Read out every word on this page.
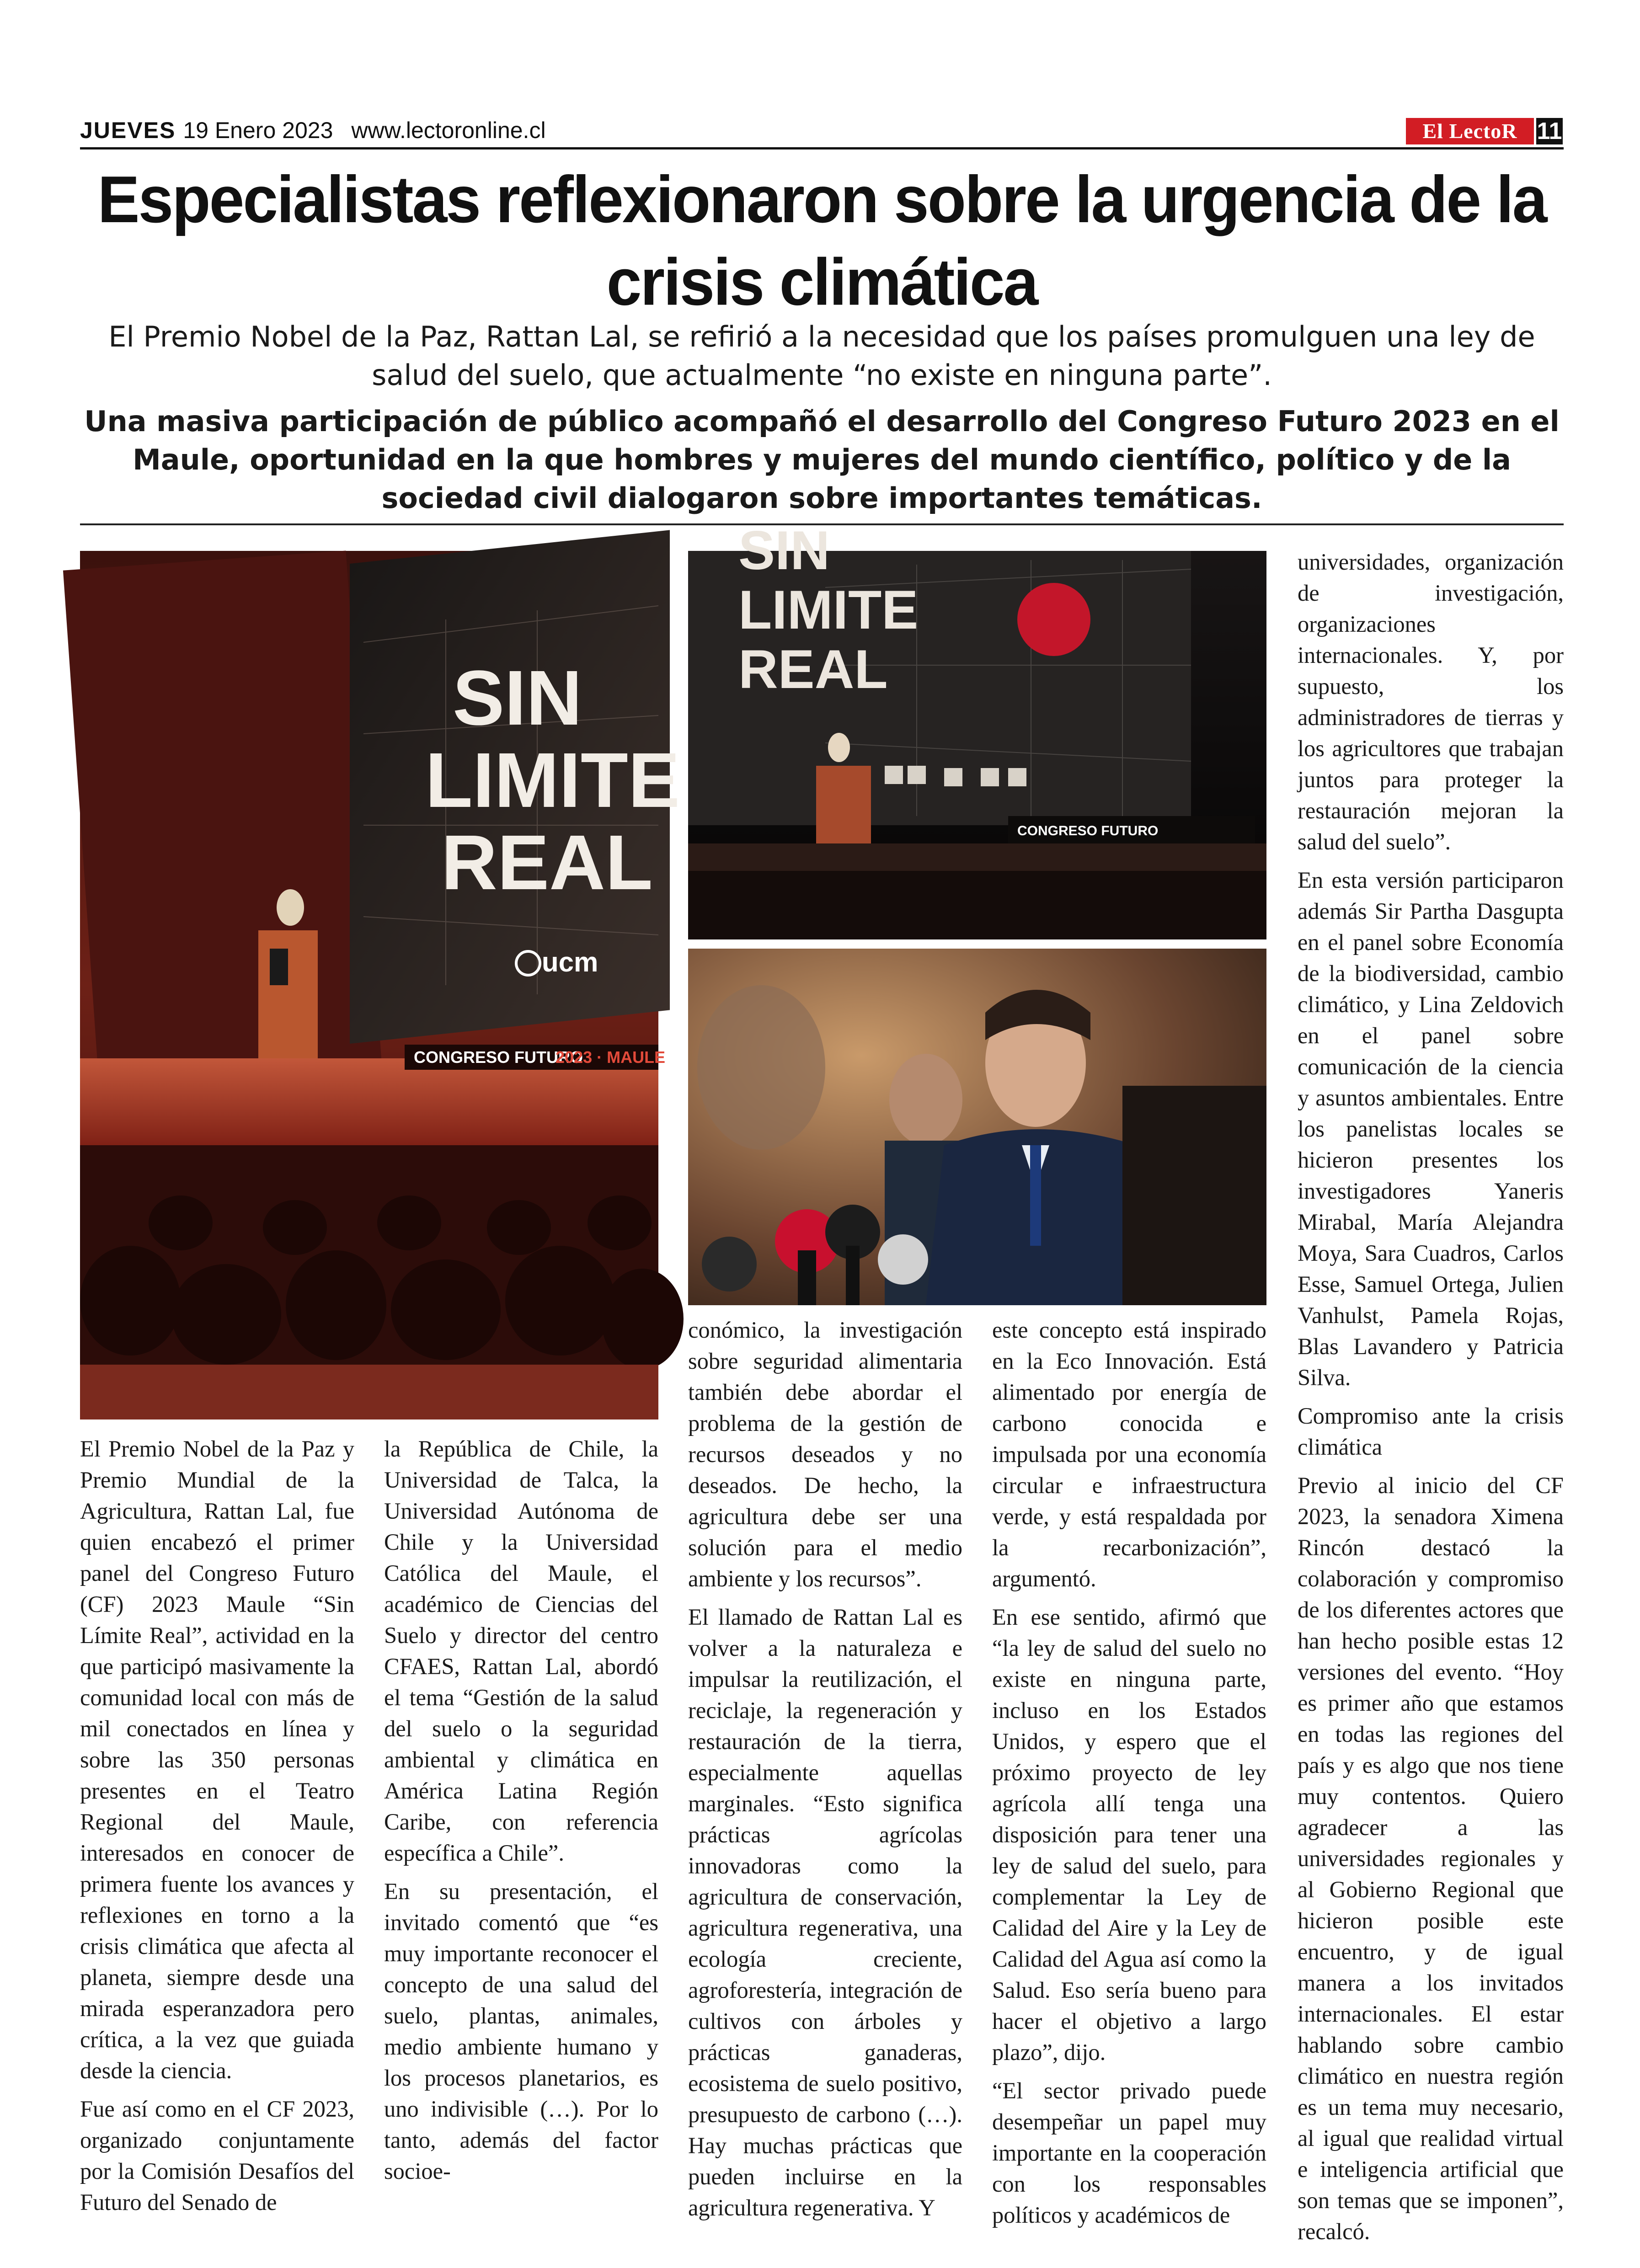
JUEVES 19 Enero 2023 www.lectoronline.cl	El LectoR 11
Especialistas reflexionaron sobre la urgencia de la crisis climática

El Premio Nobel de la Paz, Rattan Lal, se refirió a la necesidad que los países promulguen una ley de salud del suelo, que actualmente “no existe en ninguna parte”.

Una masiva participación de público acompañó el desarrollo del Congreso Futuro 2023 en el Maule, oportunidad en la que hombres y mujeres del mundo científico, político y de la sociedad civil dialogaron sobre importantes temáticas.

SIN
LIMITE
REAL
ucm
CONGRESO FUTURO
2023 · MAULE
SIN
LIMITE
REAL
CONGRESO FUTURO

El Premio Nobel de la Paz y Premio Mundial de la Agricultura, Rattan Lal, fue quien encabezó el primer panel del Congreso Futuro (CF) 2023 Maule “Sin Límite Real”, actividad en la que participó masivamente la comunidad local con más de mil conectados en línea y sobre las 350 personas presentes en el Teatro Regional del Maule, interesados en conocer de primera fuente los avances y reflexiones en torno a la crisis climática que afecta al planeta, siempre desde una mirada esperanzadora pero crítica, a la vez que guiada desde la ciencia.

Fue así como en el CF 2023, organizado conjuntamente por la Comisión Desafíos del Futuro del Senado de

la República de Chile, la Universidad de Talca, la Universidad Autónoma de Chile y la Universidad Católica del Maule, el académico de Ciencias del Suelo y director del centro CFAES, Rattan Lal, abordó el tema “Gestión de la salud del suelo o la seguridad ambiental y climática en América Latina Región Caribe, con referencia específica a Chile”.

En su presentación, el invitado comentó que “es muy importante reconocer el concepto de una salud del suelo, plantas, animales, medio ambiente humano y los procesos planetarios, es uno indivisible (…). Por lo tanto, además del factor socioe-

conómico, la investigación sobre seguridad alimentaria también debe abordar el problema de la gestión de recursos deseados y no deseados. De hecho, la agricultura debe ser una solución para el medio ambiente y los recursos”.

El llamado de Rattan Lal es volver a la naturaleza e impulsar la reutilización, el reciclaje, la regeneración y restauración de la tierra, especialmente aquellas marginales. “Esto significa prácticas agrícolas innovadoras como la agricultura de conservación, agricultura regenerativa, una ecología creciente, agroforestería, integración de cultivos con árboles y prácticas ganaderas, ecosistema de suelo positivo, presupuesto de carbono (…). Hay muchas prácticas que pueden incluirse en la agricultura regenerativa. Y

este concepto está inspirado en la Eco Innovación. Está alimentado por energía de carbono conocida e impulsada por una economía circular e infraestructura verde, y está respaldada por la recarbonización”, argumentó.

En ese sentido, afirmó que “la ley de salud del suelo no existe en ninguna parte, incluso en los Estados Unidos, y espero que el próximo proyecto de ley agrícola allí tenga una disposición para tener una ley de salud del suelo, para complementar la Ley de Calidad del Aire y la Ley de Calidad del Agua así como la Salud. Eso sería bueno para hacer el objetivo a largo plazo”, dijo.

“El sector privado puede desempeñar un papel muy importante en la cooperación con los responsables políticos y académicos de

universidades, organización de investigación, organizaciones internacionales. Y, por supuesto, los administradores de tierras y los agricultores que trabajan juntos para proteger la restauración mejoran la salud del suelo”.

En esta versión participaron además Sir Partha Dasgupta en el panel sobre Economía de la biodiversidad, cambio climático, y Lina Zeldovich en el panel sobre comunicación de la ciencia y asuntos ambientales. Entre los panelistas locales se hicieron presentes los investigadores Yaneris Mirabal, María Alejandra Moya, Sara Cuadros, Carlos Esse, Samuel Ortega, Julien Vanhulst, Pamela Rojas, Blas Lavandero y Patricia Silva.

Compromiso ante la crisis climática

Previo al inicio del CF 2023, la senadora Ximena Rincón destacó la colaboración y compromiso de los diferentes actores que han hecho posible estas 12 versiones del evento. “Hoy es primer año que estamos en todas las regiones del país y es algo que nos tiene muy contentos. Quiero agradecer a las universidades regionales y al Gobierno Regional que hicieron posible este encuentro, y de igual manera a los invitados internacionales. El estar hablando sobre cambio climático en nuestra región es un tema muy necesario, al igual que realidad virtual e inteligencia artificial que son temas que se imponen”, recalcó.
